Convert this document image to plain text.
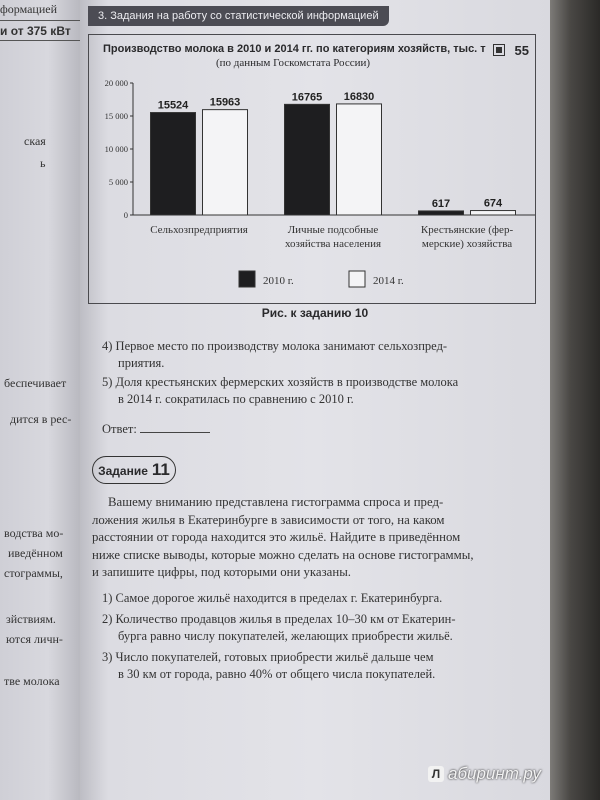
формацией
и от 375 кВт
ская
ь
беспечивает
дится в рес-
водства мо-
иведённом
стограммы,
зйствиям.
ются личн-
тве молока
3. Задания на работу со статистической информацией
Производство молока в 2010 и 2014 гг. по категориям хозяйств, тыс. т
(по данным Госкомстата России)
55
0
5 000
10 000
15 000
20 000
15524
16765
617
15963	16830
674
Сельхозпредприятия	Личные подсобные
хозяйства населения
Крестьянские (фер-
мерские) хозяйства
2010 г.	2014 г.
Рис. к заданию 10
4) Первое место по производству молока занимают сельхозпред-
приятия.
5) Доля крестьянских фермерских хозяйств в производстве молока
в 2014 г. сократилась по сравнению с 2010 г.
Ответ:
Задание 11
Вашему вниманию представлена гистограмма спроса и пред-
ложения жилья в Екатеринбурге в зависимости от того, на каком
расстоянии от города находится это жильё. Найдите в приведённом
ниже списке выводы, которые можно сделать на основе гистограммы,
и запишите цифры, под которыми они указаны.
1) Самое дорогое жильё находится в пределах г. Екатеринбурга.
2) Количество продавцов жилья в пределах 10–30 км от Екатерин-
бурга равно числу покупателей, желающих приобрести жильё.
3) Число покупателей, готовых приобрести жильё дальше чем
в 30 км от города, равно 40% от общего числа покупателей.
Л абиринт.ру
